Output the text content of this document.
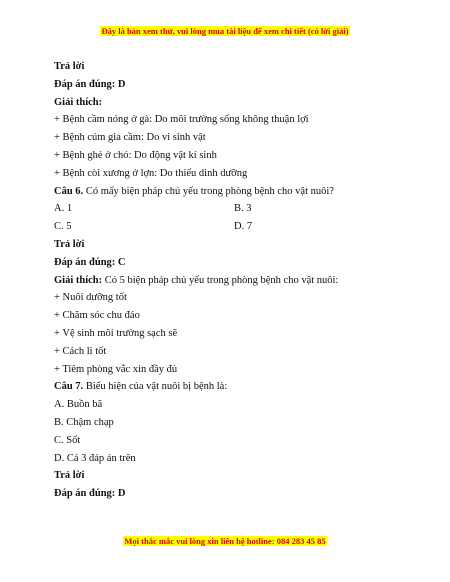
Đây là bản xem thử, vui lòng mua tài liệu để xem chi tiết (có lời giải)
Trả lời
Đáp án đúng: D
Giải thích:
+ Bệnh cầm nóng ở gà: Do môi trường sống không thuận lợi
+ Bệnh cúm gia cầm: Do vi sinh vật
+ Bệnh ghẻ ở chó: Do động vật kí sinh
+ Bệnh còi xương ở lợn: Do thiếu dinh dưỡng
Câu 6. Có mấy biện pháp chủ yếu trong phòng bệnh cho vật nuôi?
A. 1	B. 3
C. 5	D. 7
Trả lời
Đáp án đúng: C
Giải thích: Có 5 biện pháp chủ yếu trong phòng bệnh cho vật nuôi:
+ Nuôi dưỡng tốt
+ Chăm sóc chu đáo
+ Vệ sinh môi trường sạch sẽ
+ Cách li tốt
+ Tiêm phòng vắc xin đầy đủ
Câu 7. Biểu hiện của vật nuôi bị bệnh là:
A. Buồn bã
B. Chậm chạp
C. Sốt
D. Cả 3 đáp án trên
Trả lời
Đáp án đúng: D
Mọi thắc mắc vui lòng xin liên hệ hotline: 084 283 45 85
